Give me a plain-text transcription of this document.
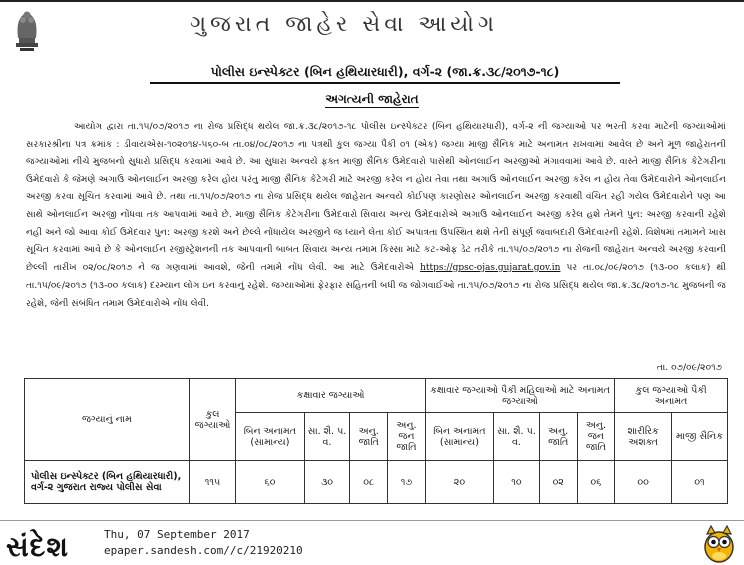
ગુજરાત જાહેર સેવા આયોગ
પોલીસ ઇન્સ્પેક્ટર (બિન હથિયારધારી), વર્ગ-૨ (જા.ક્ર.૩૮/૨૦૧૭-૧૮)
અગત્યની જાહેરાત

આયોગ દ્વારા તા.૧૫/૦૭/૨૦૧૭ ના રોજ પ્રસિદ્ધ થયેલ જા.ક્ર.૩૮/૨૦૧૭-૧૮ પોલીસ ઇન્સ્પેક્ટર (બિન હથિયારધારી), વર્ગ-૨ ની જગ્યાઓ પર ભરતી કરવા માટેની જગ્યાઓમાં સરકારશ્રીના પત્ર ક્રમાંક : ડીવાયએસ-૧૦૨૦૧૪-૫૬૦-બ તા.૦૪/૦૮/૨૦૧૭ ના પત્રથી કુલ જગ્યા પૈકી ૦૧ (એક) જગ્યા માજી સૈનિક માટે અનામત રાખવામાં આવેલ છે અને મૂળ જાહેરાતની જગ્યાઓમાં નીચે મુજબનો સુધારો પ્રસિદ્ધ કરવામાં આવે છે. આ સુધારા અન્વયે ફક્ત માજી સૈનિક ઉમેદવારો પાસેથી ઓનલાઈન અરજીઓ મંગાવવામાં આવે છે. વાસ્તે માજી સૈનિક કેટેગરીના ઉમેદવારો કે જેમણે અગાઉ ઓનલાઈન અરજી કરેલ હોય પરંતુ માજી સૈનિક કેટેગરી માટે અરજી કરેલ ન હોય તેવા તથા અગાઉ ઓનલાઈન અરજી કરેલ ન હોય તેવા ઉમેદવારોને ઓનલાઈન અરજી કરવા સૂચિત કરવામાં આવે છે. તથા તા.૧૫/૦૭/૨૦૧૭ ના રોજ પ્રસિદ્ધ થયેલ જાહેરાત અન્વયે કોઈપણ કારણોસર ઓનલાઈન અરજી કરવાથી વંચિત રહી ગયેલ ઉમેદવારોને પણ આ સાથે ઓનલાઈન અરજી નોંધવા તક આપવામાં આવે છે. માજી સૈનિક કેટેગરીના ઉમેદવારો સિવાય અન્ય ઉમેદવારોએ અગાઉ ઓનલાઈન અરજી કરેલ હશે તેમને પુન: અરજી કરવાની રહેશે નહી અને જો આવા કોઈ ઉમેદવાર પુન: અરજી કરશે અને છેલ્લે નોંધાયેલ અરજીને જ ધ્યાને લેતા કોઈ અપાત્રતા ઉપસ્થિત થશે તેની સંપૂર્ણ જવાબદારી ઉમેદવારની રહેશે. વિશેષમાં તમામને ખાસ સૂચિત કરવામાં આવે છે કે ઓનલાઈન રજીસ્ટ્રેશનની તક આપવાની બાબત સિવાય અન્ય તમામ કિસ્સા માટે કટ-ઓફ ડેટ તરીકે તા.૧૫/૦૭/૨૦૧૭ ના રોજની જાહેરાત અન્વયે અરજી કરવાની છેલ્લી તારીખ ૦૨/૦૮/૨૦૧૭ ને જ ગણવામાં આવશે, જેની તમામે નોંધ લેવી. આ માટે ઉમેદવારોએ https://gpsc-ojas.gujarat.gov.in પર તા.૦૮/૦૯/૨૦૧૭ (૧૩-૦૦ કલાક) થી તા.૧૫/૦૯/૨૦૧૭ (૧૩-૦૦ કલાક) દરમ્યાન લોગ ઇન કરવાનું રહેશે. જગ્યાઓમાં ફેરફાર સહિતની બધી જ જોગવાઈઓ તા.૧૫/૦૭/૨૦૧૭ ના રોજ પ્રસિદ્ધ થયેલ જા.ક્ર.૩૮/૨૦૧૭-૧૮ મુજબની જ રહેશે, જેની સંબંધિત તમામ ઉમેદવારોએ નોંધ લેવી.

તા. ૦૭/૦૯/૨૦૧૭
જગ્યાનું નામ	કુલ જગ્યાઓ	કક્ષાવાર જગ્યાઓ				કક્ષાવાર જગ્યાઓ પૈકી મહિલાઓ માટે અનામત જગ્યાઓ				કુલ જગ્યાઓ પૈકી અનામત	
		બિન અનામત (સામાન્ય)	સા. શૈ. પ. વ.	અનુ. જાતિ	અનુ. જન જાતિ	બિન અનામત (સામાન્ય)	સા. શૈ. પ. વ.	અનુ. જાતિ	અનુ. જન જાતિ	શારીરિક અશક્ત	માજી સૈનિક
પોલીસ ઇન્સ્પેક્ટર (બિન હથિયારધારી), વર્ગ-૨ ગુજરાત રાજ્ય પોલીસ સેવા	૧૧૫	૬૦	૩૦	૦૮	૧૭	૨૦	૧૦	૦૨	૦૬	૦૦	૦૧
સંદેશ	Thu, 07 September 2017
epaper.sandesh.com//c/21920210
